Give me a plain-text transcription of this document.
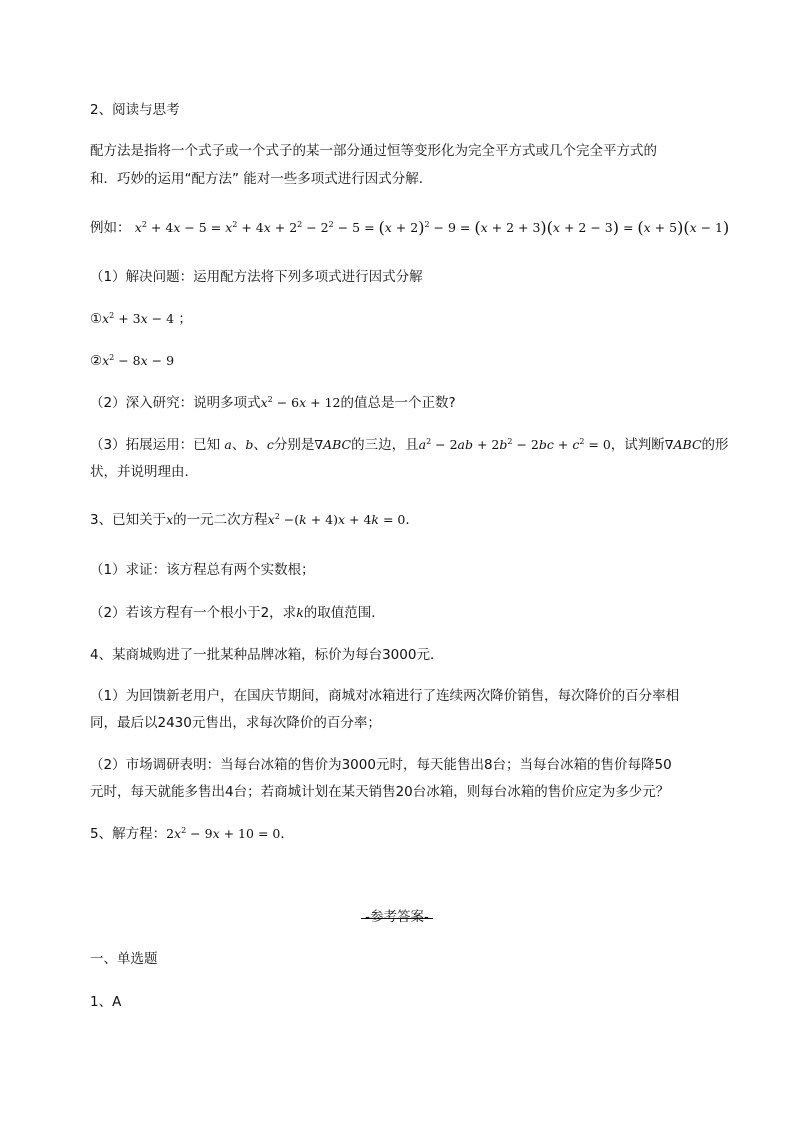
2、阅读与思考
配方法是指将一个式子或一个式子的某一部分通过恒等变形化为完全平方式或几个完全平方式的
和．巧妙的运用“配方法” 能对一些多项式进行因式分解．
例如： $x^2 + 4x - 5 = x^2 + 4x + 2^2 - 2^2 - 5 = (x + 2)^2 - 9 = (x + 2 + 3)(x + 2 - 3) = (x + 5)(x - 1)$
（1）解决问题：运用配方法将下列多项式进行因式分解
$①x^2 + 3x - 4$ ；
$②x^2 - 8x - 9$
（2）深入研究：说明多项式$x^2 - 6x + 12$的值总是一个正数?
（3）拓展运用：已知 a、b、c分别是∇ABC的三边，且$a^2 - 2ab + 2b^2 - 2bc + c^2 = 0$，试判断∇ABC的形
状，并说明理由．
3、已知关于x的一元二次方程$x^2 -(k + 4)x + 4k = 0$．
（1）求证：该方程总有两个实数根；
（2）若该方程有一个根小于2，求k的取值范围．
4、某商城购进了一批某种品牌冰箱，标价为每台3000元．
（1）为回馈新老用户，在国庆节期间，商城对冰箱进行了连续两次降价销售，每次降价的百分率相
同，最后以2430元售出，求每次降价的百分率；
（2）市场调研表明：当每台冰箱的售价为3000元时，每天能售出8台；当每台冰箱的售价每降50
元时，每天就能多售出4台；若商城计划在某天销售20台冰箱，则每台冰箱的售价应定为多少元？
5、解方程：$2x^2 - 9x + 10 = 0$．
-参考答案-
一、单选题
1、A
